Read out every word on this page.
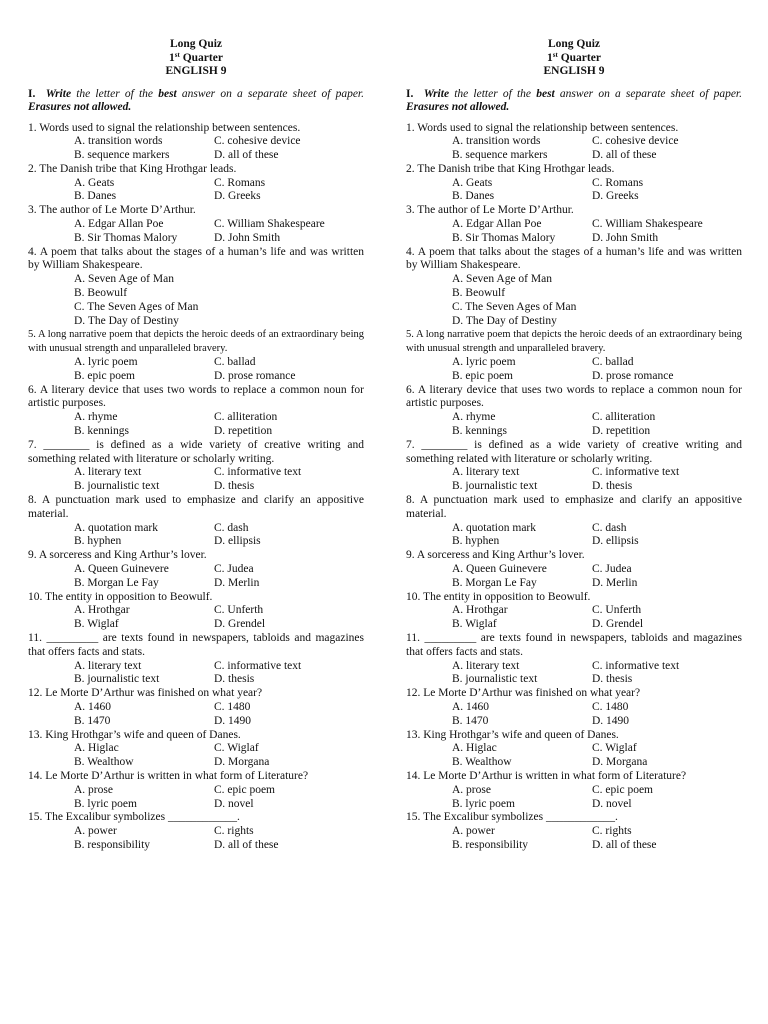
Long Quiz
1st Quarter
ENGLISH 9
I. Write the letter of the best answer on a separate sheet of paper. Erasures not allowed.
1. Words used to signal the relationship between sentences.
A. transition words	C. cohesive device
B. sequence markers	D. all of these
2. The Danish tribe that King Hrothgar leads.
A. Geats	C. Romans
B. Danes	D. Greeks
3. The author of Le Morte D’Arthur.
A. Edgar Allan Poe	C. William Shakespeare
B. Sir Thomas Malory	D. John Smith
4. A poem that talks about the stages of a human’s life and was written by William Shakespeare.
A. Seven Age of Man
B. Beowulf
C. The Seven Ages of Man
D. The Day of Destiny
5. A long narrative poem that depicts the heroic deeds of an extraordinary being with unusual strength and unparalleled bravery.
A. lyric poem	C. ballad
B. epic poem	D. prose romance
6. A literary device that uses two words to replace a common noun for artistic purposes.
A. rhyme	C. alliteration
B. kennings	D. repetition
7. ________ is defined as a wide variety of creative writing and something related with literature or scholarly writing.
A. literary text	C. informative text
B. journalistic text	D. thesis
8. A punctuation mark used to emphasize and clarify an appositive material.
A. quotation mark	C. dash
B. hyphen	D. ellipsis
9. A sorceress and King Arthur’s lover.
A. Queen Guinevere	C. Judea
B. Morgan Le Fay	D. Merlin
10. The entity in opposition to Beowulf.
A. Hrothgar	C. Unferth
B. Wiglaf	D. Grendel
11. _________ are texts found in newspapers, tabloids and magazines that offers facts and stats.
A. literary text	C. informative text
B. journalistic text	D. thesis
12. Le Morte D’Arthur was finished on what year?
A. 1460	C. 1480
B. 1470	D. 1490
13. King Hrothgar’s wife and queen of Danes.
A. Higlac	C. Wiglaf
B. Wealthow	D. Morgana
14. Le Morte D’Arthur is written in what form of Literature?
A. prose	C. epic poem
B. lyric poem	D. novel
15. The Excalibur symbolizes ____________.
A. power	C. rights
B. responsibility	D. all of these
Long Quiz
1st Quarter
ENGLISH 9
I. Write the letter of the best answer on a separate sheet of paper. Erasures not allowed.
1. Words used to signal the relationship between sentences.
A. transition words	C. cohesive device
B. sequence markers	D. all of these
2. The Danish tribe that King Hrothgar leads.
A. Geats	C. Romans
B. Danes	D. Greeks
3. The author of Le Morte D’Arthur.
A. Edgar Allan Poe	C. William Shakespeare
B. Sir Thomas Malory	D. John Smith
4. A poem that talks about the stages of a human’s life and was written by William Shakespeare.
A. Seven Age of Man
B. Beowulf
C. The Seven Ages of Man
D. The Day of Destiny
5. A long narrative poem that depicts the heroic deeds of an extraordinary being with unusual strength and unparalleled bravery.
A. lyric poem	C. ballad
B. epic poem	D. prose romance
6. A literary device that uses two words to replace a common noun for artistic purposes.
A. rhyme	C. alliteration
B. kennings	D. repetition
7. ________ is defined as a wide variety of creative writing and something related with literature or scholarly writing.
A. literary text	C. informative text
B. journalistic text	D. thesis
8. A punctuation mark used to emphasize and clarify an appositive material.
A. quotation mark	C. dash
B. hyphen	D. ellipsis
9. A sorceress and King Arthur’s lover.
A. Queen Guinevere	C. Judea
B. Morgan Le Fay	D. Merlin
10. The entity in opposition to Beowulf.
A. Hrothgar	C. Unferth
B. Wiglaf	D. Grendel
11. _________ are texts found in newspapers, tabloids and magazines that offers facts and stats.
A. literary text	C. informative text
B. journalistic text	D. thesis
12. Le Morte D’Arthur was finished on what year?
A. 1460	C. 1480
B. 1470	D. 1490
13. King Hrothgar’s wife and queen of Danes.
A. Higlac	C. Wiglaf
B. Wealthow	D. Morgana
14. Le Morte D’Arthur is written in what form of Literature?
A. prose	C. epic poem
B. lyric poem	D. novel
15. The Excalibur symbolizes ____________.
A. power	C. rights
B. responsibility	D. all of these
